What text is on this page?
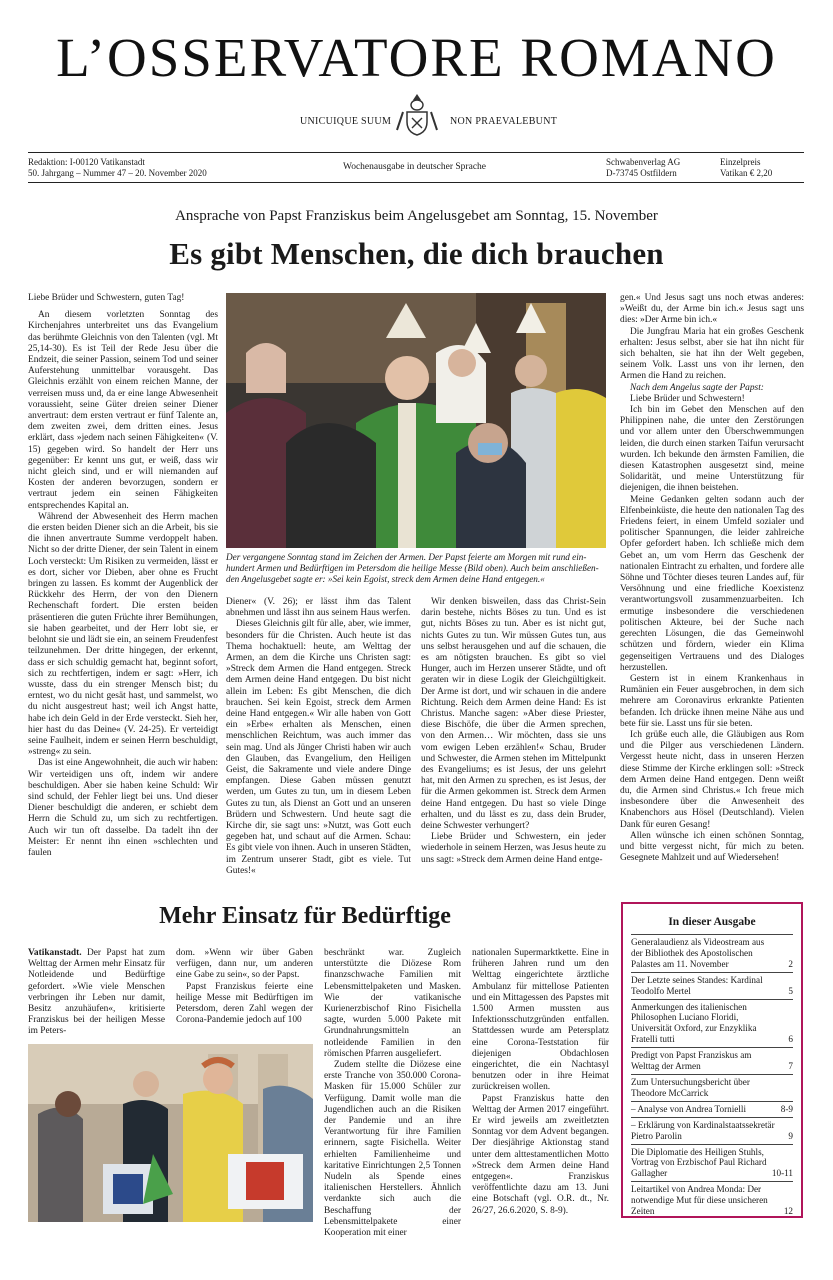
L’OSSERVATORE ROMANO
UNICUIQUE SUUM	NON PRAEVALEBUNT
Redaktion: I-00120 Vatikanstadt
50. Jahrgang – Nummer 47 – 20. November 2020
Wochenausgabe in deutscher Sprache	Schwabenverlag AG
D-73745 Ostfildern
Einzelpreis
Vatikan € 2,20
Ansprache von Papst Franziskus beim Angelusgebet am Sonntag, 15. November
Es gibt Menschen, die dich brauchen

Liebe Brüder und Schwestern, guten Tag!

An diesem vorletzten Sonntag des Kirchenjahres unterbreitet uns das Evangelium das berühmte Gleichnis von den Talenten (vgl. Mt 25,14-30). Es ist Teil der Rede Jesu über die Endzeit, die seiner Passion, seinem Tod und seiner Auferstehung unmittelbar vorausgeht. Das Gleichnis erzählt von einem reichen Manne, der verreisen muss und, da er eine lange Abwesenheit voraussieht, seine Güter dreien seiner Diener anvertraut: dem ersten vertraut er fünf Talente an, dem zweiten zwei, dem dritten eines. Jesus erklärt, dass »jedem nach seinen Fähigkeiten« (V. 15) gegeben wird. So handelt der Herr uns gegenüber: Er kennt uns gut, er weiß, dass wir nicht gleich sind, und er will niemanden auf Kosten der anderen bevorzugen, sondern er vertraut jedem ein seinen Fähigkeiten entsprechendes Kapital an.

Während der Abwesenheit des Herrn machen die ersten beiden Diener sich an die Arbeit, bis sie die ihnen anvertraute Summe verdoppelt haben. Nicht so der dritte Diener, der sein Talent in einem Loch versteckt: Um Risiken zu vermeiden, lässt er es dort, sicher vor Dieben, aber ohne es Frucht bringen zu lassen. Es kommt der Augenblick der Rückkehr des Herrn, der von den Dienern Rechenschaft fordert. Die ersten beiden präsentieren die guten Früchte ihrer Bemühungen, sie haben gearbeitet, und der Herr lobt sie, er belohnt sie und lädt sie ein, an seinem Freudenfest teilzunehmen. Der dritte hingegen, der erkennt, dass er sich schuldig gemacht hat, beginnt sofort, sich zu rechtfertigen, indem er sagt: »Herr, ich wusste, dass du ein strenger Mensch bist; du erntest, wo du nicht gesät hast, und sammelst, wo du nicht ausgestreut hast; weil ich Angst hatte, habe ich dein Geld in der Erde versteckt. Sieh her, hier hast du das Deine« (V. 24-25). Er verteidigt seine Faulheit, indem er seinen Herrn beschuldigt, »streng« zu sein.

Das ist eine Angewohnheit, die auch wir haben: Wir verteidigen uns oft, indem wir andere beschuldigen. Aber sie haben keine Schuld: Wir sind schuld, der Fehler liegt bei uns. Und dieser Diener beschuldigt die anderen, er schiebt dem Herrn die Schuld zu, um sich zu rechtfertigen. Auch wir tun oft dasselbe. Da tadelt ihn der Meister: Er nennt ihn einen »schlechten und faulen

Der vergangene Sonntag stand im Zeichen der Armen. Der Papst feierte am Morgen mit rund ein-
hundert Armen und Bedürftigen im Petersdom die heilige Messe (Bild oben). Auch beim anschließen-
den Angelusgebet sagte er: »Sei kein Egoist, streck dem Armen deine Hand entgegen.«

Diener« (V. 26); er lässt ihm das Talent abnehmen und lässt ihn aus seinem Haus werfen.

Dieses Gleichnis gilt für alle, aber, wie immer, besonders für die Christen. Auch heute ist das Thema hochaktuell: heute, am Welttag der Armen, an dem die Kirche uns Christen sagt: »Streck dem Armen die Hand entgegen. Streck dem Armen deine Hand entgegen. Du bist nicht allein im Leben: Es gibt Menschen, die dich brauchen. Sei kein Egoist, streck dem Armen deine Hand entgegen.« Wir alle haben von Gott ein »Erbe« erhalten als Menschen, einen menschlichen Reichtum, was auch immer das sein mag. Und als Jünger Christi haben wir auch den Glauben, das Evangelium, den Heiligen Geist, die Sakramente und viele andere Dinge empfangen. Diese Gaben müssen genutzt werden, um Gutes zu tun, um in diesem Leben Gutes zu tun, als Dienst an Gott und an unseren Brüdern und Schwestern. Und heute sagt die Kirche dir, sie sagt uns: »Nutzt, was Gott euch gegeben hat, und schaut auf die Armen. Schau: Es gibt viele von ihnen. Auch in unseren Städten, im Zentrum unserer Stadt, gibt es viele. Tut Gutes!«

Wir denken bisweilen, dass das Christ-Sein darin bestehe, nichts Böses zu tun. Und es ist gut, nichts Böses zu tun. Aber es ist nicht gut, nichts Gutes zu tun. Wir müssen Gutes tun, aus uns selbst herausgehen und auf die schauen, die es am nötigsten brauchen. Es gibt so viel Hunger, auch im Herzen unserer Städte, und oft geraten wir in diese Logik der Gleichgültigkeit. Der Arme ist dort, und wir schauen in die andere Richtung. Reich dem Armen deine Hand: Es ist Christus. Manche sagen: »Aber diese Priester, diese Bischöfe, die über die Armen sprechen, von den Armen… Wir möchten, dass sie uns vom ewigen Leben erzählen!« Schau, Bruder und Schwester, die Armen stehen im Mittelpunkt des Evangeliums; es ist Jesus, der uns gelehrt hat, mit den Armen zu sprechen, es ist Jesus, der für die Armen gekommen ist. Streck dem Armen deine Hand entgegen. Du hast so viele Dinge erhalten, und du lässt es zu, dass dein Bruder, deine Schwester verhungert?

Liebe Brüder und Schwestern, ein jeder wiederhole in seinem Herzen, was Jesus heute zu uns sagt: »Streck dem Armen deine Hand entge-

gen.« Und Jesus sagt uns noch etwas anderes: »Weißt du, der Arme bin ich.« Jesus sagt uns dies: »Der Arme bin ich.«

Die Jungfrau Maria hat ein großes Geschenk erhalten: Jesus selbst, aber sie hat ihn nicht für sich behalten, sie hat ihn der Welt gegeben, seinem Volk. Lasst uns von ihr lernen, den Armen die Hand zu reichen.

Nach dem Angelus sagte der Papst:

Liebe Brüder und Schwestern!

Ich bin im Gebet den Menschen auf den Philippinen nahe, die unter den Zerstörungen und vor allem unter den Überschwemmungen leiden, die durch einen starken Taifun verursacht wurden. Ich bekunde den ärmsten Familien, die diesen Katastrophen ausgesetzt sind, meine Solidarität, und meine Unterstützung für diejenigen, die ihnen beistehen.

Meine Gedanken gelten sodann auch der Elfenbeinküste, die heute den nationalen Tag des Friedens feiert, in einem Umfeld sozialer und politischer Spannungen, die leider zahlreiche Opfer gefordert haben. Ich schließe mich dem Gebet an, um vom Herrn das Geschenk der nationalen Eintracht zu erhalten, und fordere alle Söhne und Töchter dieses teuren Landes auf, für Versöhnung und eine friedliche Koexistenz verantwortungsvoll zusammenzuarbeiten. Ich ermutige insbesondere die verschiedenen politischen Akteure, bei der Suche nach gerechten Lösungen, die das Gemeinwohl schützen und fördern, wieder ein Klima gegenseitigen Vertrauens und des Dialoges herzustellen.

Gestern ist in einem Krankenhaus in Rumänien ein Feuer ausgebrochen, in dem sich mehrere am Coronavirus erkrankte Patienten befanden. Ich drücke ihnen meine Nähe aus und bete für sie. Lasst uns für sie beten.

Ich grüße euch alle, die Gläubigen aus Rom und die Pilger aus verschiedenen Ländern. Vergesst heute nicht, dass in unseren Herzen diese Stimme der Kirche erklingen soll: »Streck dem Armen deine Hand entgegen. Denn weißt du, die Armen sind Christus.« Ich freue mich insbesondere über die Anwesenheit des Knabenchors aus Hösel (Deutschland). Vielen Dank für euren Gesang!

Allen wünsche ich einen schönen Sonntag, und bitte vergesst nicht, für mich zu beten. Gesegnete Mahlzeit und auf Wiedersehen!

Mehr Einsatz für Bedürftige

Vatikanstadt. Der Papst hat zum Welttag der Armen mehr Einsatz für Notleidende und Bedürftige gefordert. »Wie viele Menschen verbringen ihr Leben nur damit, Besitz anzuhäufen«, kritisierte Franziskus bei der heiligen Messe im Peters-

dom. »Wenn wir über Gaben verfügen, dann nur, um anderen eine Gabe zu sein«, so der Papst.

Papst Franziskus feierte eine heilige Messe mit Bedürftigen im Petersdom, deren Zahl wegen der Corona-Pandemie jedoch auf 100

beschränkt war. Zugleich unterstützte die Diözese Rom finanzschwache Familien mit Lebensmittelpaketen und Masken. Wie der vatikanische Kurienerzbischof Rino Fisichella sagte, wurden 5.000 Pakete mit Grundnahrungsmitteln an notleidende Familien in den römischen Pfarren ausgeliefert.

Zudem stellte die Diözese eine erste Tranche von 350.000 Corona-Masken für 15.000 Schüler zur Verfügung. Damit wolle man die Jugendlichen auch an die Risiken der Pandemie und an ihre Verantwortung für ihre Familien erinnern, sagte Fisichella. Weiter erhielten Familienheime und karitative Einrichtungen 2,5 Tonnen Nudeln als Spende eines italienischen Herstellers. Ähnlich verdankte sich auch die Beschaffung der Lebensmittelpakete einer Kooperation mit einer

nationalen Supermarktkette. Eine in früheren Jahren rund um den Welttag eingerichtete ärztliche Ambulanz für mittellose Patienten und ein Mittagessen des Papstes mit 1.500 Armen mussten aus Infektionsschutzgründen entfallen. Stattdessen wurde am Petersplatz eine Corona-Teststation für diejenigen Obdachlosen eingerichtet, die ein Nachtasyl benutzen oder in ihre Heimat zurückreisen wollen.

Papst Franziskus hatte den Welttag der Armen 2017 eingeführt. Er wird jeweils am zweitletzten Sonntag vor dem Advent begangen. Der diesjährige Aktionstag stand unter dem alttestamentlichen Motto »Streck dem Armen deine Hand entgegen«. Franziskus veröffentlichte dazu am 13. Juni eine Botschaft (vgl. O.R. dt., Nr. 26/27, 26.6.2020, S. 8-9).

In dieser Ausgabe
Generalaudienz als Videostream aus der Bibliothek des Apostolischen Palastes am 11. November	2
Der Letzte seines Standes: Kardinal Teodolfo Mertel	5
Anmerkungen des italienischen Philosophen Luciano Floridi, Universität Oxford, zur Enzyklika Fratelli tutti	6
Predigt von Papst Franziskus am Welttag der Armen	7
Zum Untersuchungsbericht über Theodore McCarrick
– Analyse von Andrea Tornielli	8-9
– Erklärung von Kardinalstaatssekretär Pietro Parolin	9
Die Diplomatie des Heiligen Stuhls, Vortrag von Erzbischof Paul Richard Gallagher	10-11
Leitartikel von Andrea Monda: Der notwendige Mut für diese unsicheren Zeiten	12
